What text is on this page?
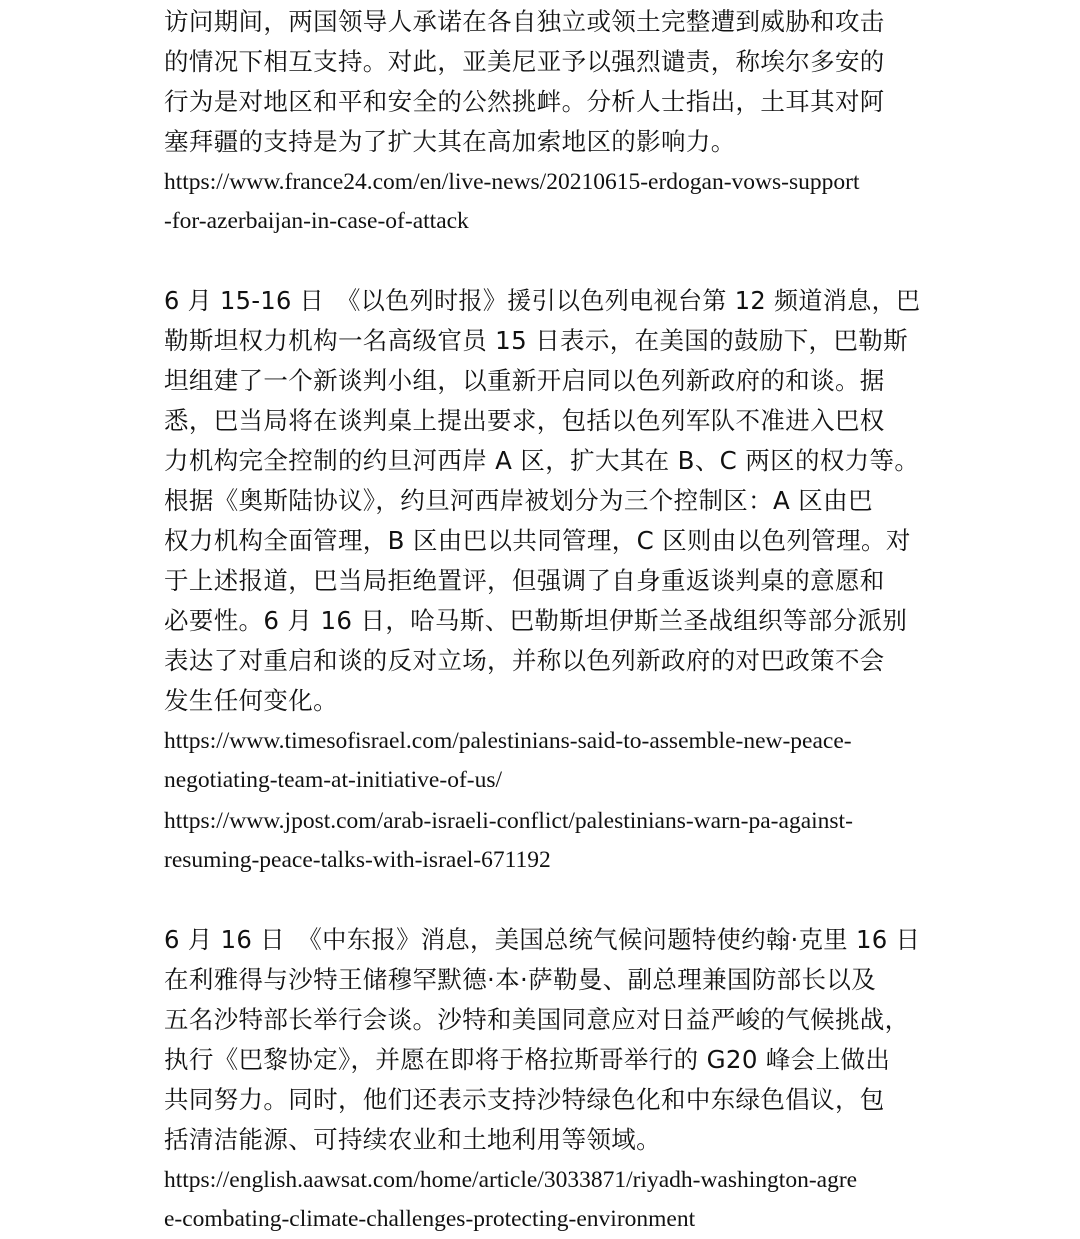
访问期间，两国领导人承诺在各自独立或领土完整遭到威胁和攻击
的情况下相互支持。对此，亚美尼亚予以强烈谴责，称埃尔多安的
行为是对地区和平和安全的公然挑衅。分析人士指出，土耳其对阿
塞拜疆的支持是为了扩大其在高加索地区的影响力。
https://www.france24.com/en/live-news/20210615-erdogan-vows-support
-for-azerbaijan-in-case-of-attack
6 月 15-16 日　《以色列时报》援引以色列电视台第 12 频道消息，巴
勒斯坦权力机构一名高级官员 15 日表示，在美国的鼓励下，巴勒斯
坦组建了一个新谈判小组，以重新开启同以色列新政府的和谈。据
悉，巴当局将在谈判桌上提出要求，包括以色列军队不准进入巴权
力机构完全控制的约旦河西岸 A 区，扩大其在 B、C 两区的权力等。
根据《奥斯陆协议》，约旦河西岸被划分为三个控制区：A 区由巴
权力机构全面管理，B 区由巴以共同管理，C 区则由以色列管理。对
于上述报道，巴当局拒绝置评，但强调了自身重返谈判桌的意愿和
必要性。6 月 16 日，哈马斯、巴勒斯坦伊斯兰圣战组织等部分派别
表达了对重启和谈的反对立场，并称以色列新政府的对巴政策不会
发生任何变化。
https://www.timesofisrael.com/palestinians-said-to-assemble-new-peace-
negotiating-team-at-initiative-of-us/
https://www.jpost.com/arab-israeli-conflict/palestinians-warn-pa-against-
resuming-peace-talks-with-israel-671192
6 月 16 日　《中东报》消息，美国总统气候问题特使约翰·克里 16 日
在利雅得与沙特王储穆罕默德·本·萨勒曼、副总理兼国防部长以及
五名沙特部长举行会谈。沙特和美国同意应对日益严峻的气候挑战，
执行《巴黎协定》，并愿在即将于格拉斯哥举行的 G20 峰会上做出
共同努力。同时，他们还表示支持沙特绿色化和中东绿色倡议，包
括清洁能源、可持续农业和土地利用等领域。
https://english.aawsat.com/home/article/3033871/riyadh-washington-agre
e-combating-climate-challenges-protecting-environment
